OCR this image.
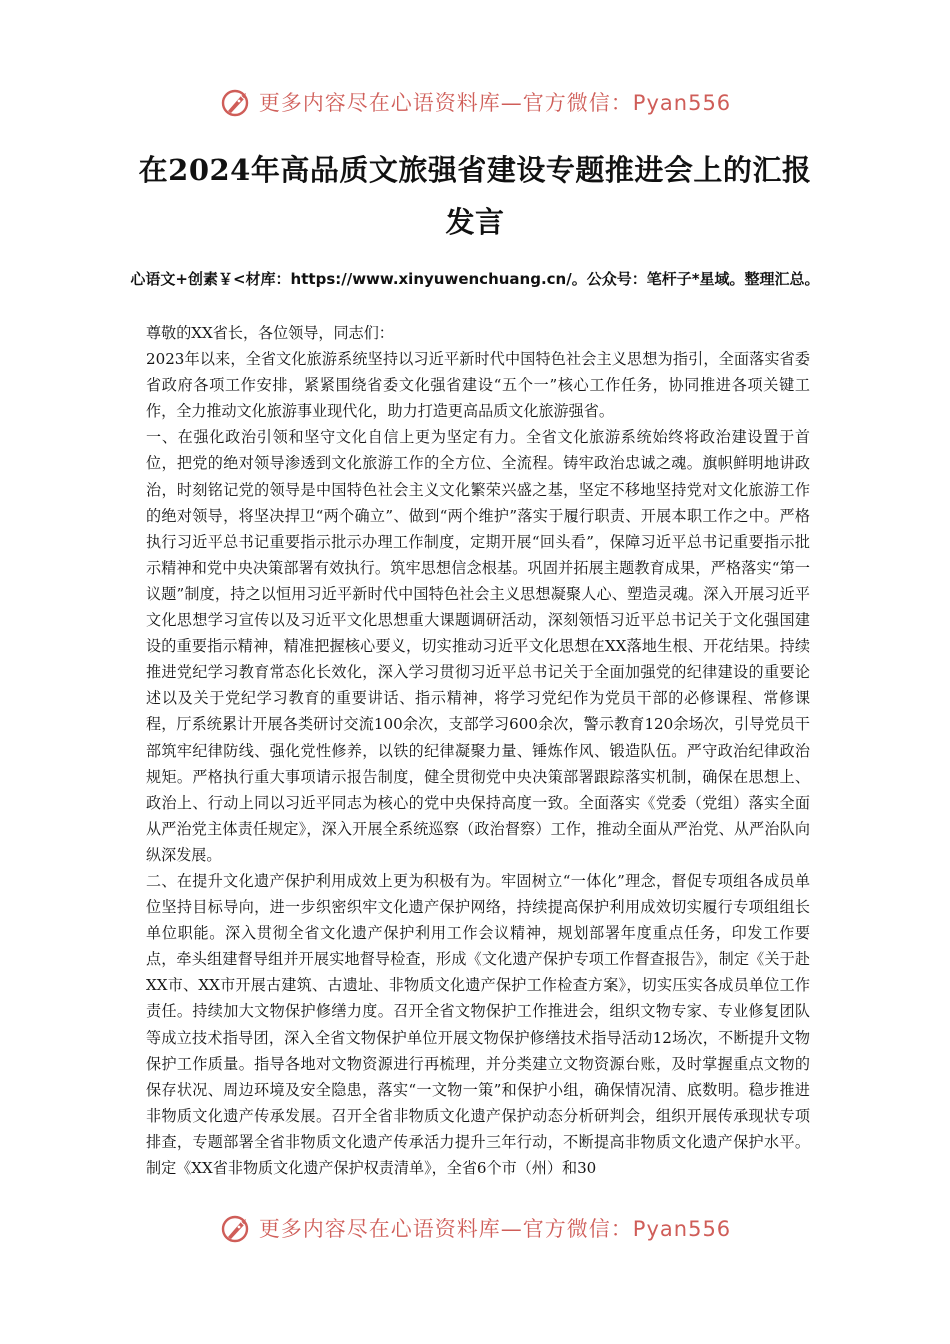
更多内容尽在心语资料库—官方微信：Pyan556
在2024年高品质文旅强省建设专题推进会上的汇报发言
心语文+创素￥<材库：https://www.xinyuwenchuang.cn/。公众号：笔杆子*星域。整理汇总。

尊敬的XX省长，各位领导，同志们：

2023年以来，全省文化旅游系统坚持以习近平新时代中国特色社会主义思想为指引，全面落实省委省政府各项工作安排，紧紧围绕省委文化强省建设“五个一”核心工作任务，协同推进各项关键工作，全力推动文化旅游事业现代化，助力打造更高品质文化旅游强省。

一、在强化政治引领和坚守文化自信上更为坚定有力。全省文化旅游系统始终将政治建设置于首位，把党的绝对领导渗透到文化旅游工作的全方位、全流程。铸牢政治忠诚之魂。旗帜鲜明地讲政治，时刻铭记党的领导是中国特色社会主义文化繁荣兴盛之基，坚定不移地坚持党对文化旅游工作的绝对领导，将坚决捍卫“两个确立”、做到“两个维护”落实于履行职责、开展本职工作之中。严格执行习近平总书记重要指示批示办理工作制度，定期开展“回头看”，保障习近平总书记重要指示批示精神和党中央决策部署有效执行。筑牢思想信念根基。巩固并拓展主题教育成果，严格落实“第一议题”制度，持之以恒用习近平新时代中国特色社会主义思想凝聚人心、塑造灵魂。深入开展习近平文化思想学习宣传以及习近平文化思想重大课题调研活动，深刻领悟习近平总书记关于文化强国建设的重要指示精神，精准把握核心要义，切实推动习近平文化思想在XX落地生根、开花结果。持续推进党纪学习教育常态化长效化，深入学习贯彻习近平总书记关于全面加强党的纪律建设的重要论述以及关于党纪学习教育的重要讲话、指示精神，将学习党纪作为党员干部的必修课程、常修课程，厅系统累计开展各类研讨交流100余次，支部学习600余次，警示教育120余场次，引导党员干部筑牢纪律防线、强化党性修养，以铁的纪律凝聚力量、锤炼作风、锻造队伍。严守政治纪律政治规矩。严格执行重大事项请示报告制度，健全贯彻党中央决策部署跟踪落实机制，确保在思想上、政治上、行动上同以习近平同志为核心的党中央保持高度一致。全面落实《党委（党组）落实全面从严治党主体责任规定》，深入开展全系统巡察（政治督察）工作，推动全面从严治党、从严治队向纵深发展。

二、在提升文化遗产保护利用成效上更为积极有为。牢固树立“一体化”理念，督促专项组各成员单位坚持目标导向，进一步织密织牢文化遗产保护网络，持续提高保护利用成效切实履行专项组组长单位职能。深入贯彻全省文化遗产保护利用工作会议精神，规划部署年度重点任务，印发工作要点，牵头组建督导组并开展实地督导检查，形成《文化遗产保护专项工作督查报告》，制定《关于赴XX市、XX市开展古建筑、古遗址、非物质文化遗产保护工作检查方案》，切实压实各成员单位工作责任。持续加大文物保护修缮力度。召开全省文物保护工作推进会，组织文物专家、专业修复团队等成立技术指导团，深入全省文物保护单位开展文物保护修缮技术指导活动12场次，不断提升文物保护工作质量。指导各地对文物资源进行再梳理，并分类建立文物资源台账，及时掌握重点文物的保存状况、周边环境及安全隐患，落实“一文物一策”和保护小组，确保情况清、底数明。稳步推进非物质文化遗产传承发展。召开全省非物质文化遗产保护动态分析研判会，组织开展传承现状专项排查，专题部署全省非物质文化遗产传承活力提升三年行动，不断提高非物质文化遗产保护水平。制定《XX省非物质文化遗产保护权责清单》，全省6个市（州）和30

更多内容尽在心语资料库—官方微信：Pyan556
